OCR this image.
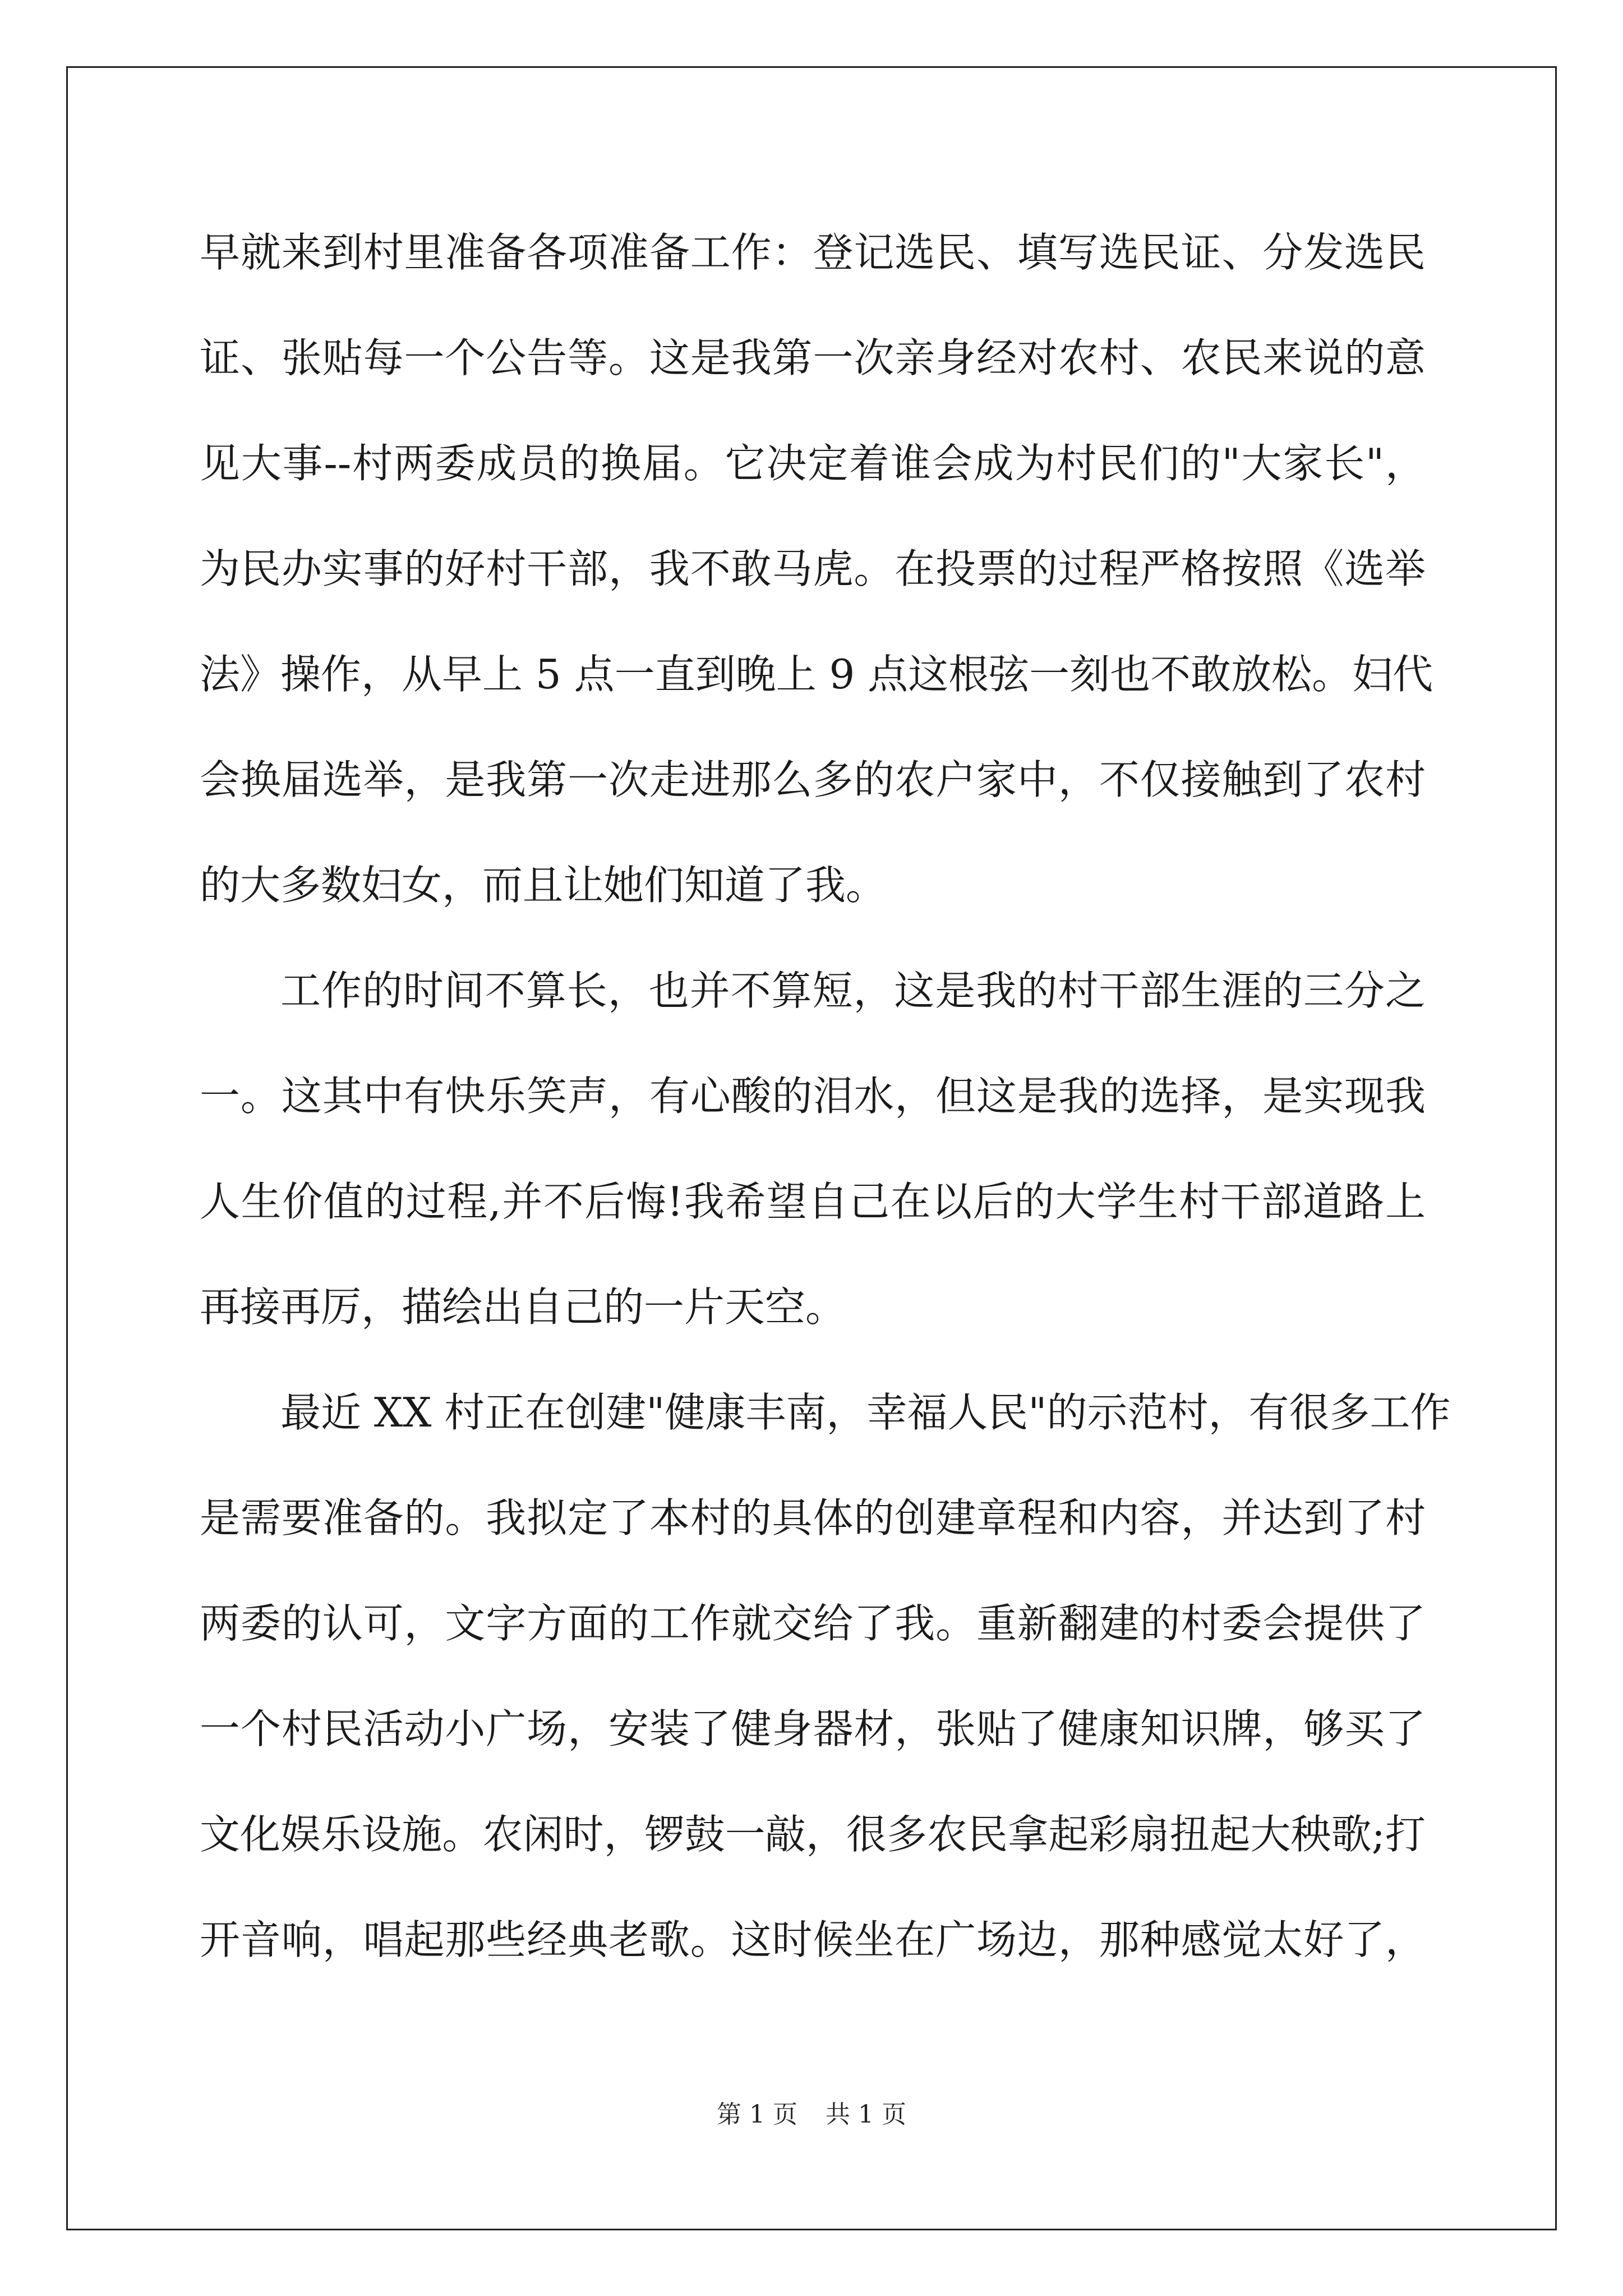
早就来到村里准备各项准备工作：登记选民、填写选民证、分发选民
证、张贴每一个公告等。这是我第一次亲身经对农村、农民来说的意
见大事--村两委成员的换届。它决定着谁会成为村民们的"大家长"，
为民办实事的好村干部，我不敢马虎。在投票的过程严格按照《选举
法》操作，从早上 5 点一直到晚上 9 点这根弦一刻也不敢放松。妇代
会换届选举，是我第一次走进那么多的农户家中，不仅接触到了农村
的大多数妇女，而且让她们知道了我。
工作的时间不算长，也并不算短，这是我的村干部生涯的三分之
一。这其中有快乐笑声，有心酸的泪水，但这是我的选择，是实现我
人生价值的过程,并不后悔!我希望自己在以后的大学生村干部道路上
再接再厉，描绘出自己的一片天空。
最近 XX 村正在创建"健康丰南，幸福人民"的示范村，有很多工作
是需要准备的。我拟定了本村的具体的创建章程和内容，并达到了村
两委的认可，文字方面的工作就交给了我。重新翻建的村委会提供了
一个村民活动小广场，安装了健身器材，张贴了健康知识牌，够买了
文化娱乐设施。农闲时，锣鼓一敲，很多农民拿起彩扇扭起大秧歌;打
开音响，唱起那些经典老歌。这时候坐在广场边，那种感觉太好了，
第 1 页 共 1 页
